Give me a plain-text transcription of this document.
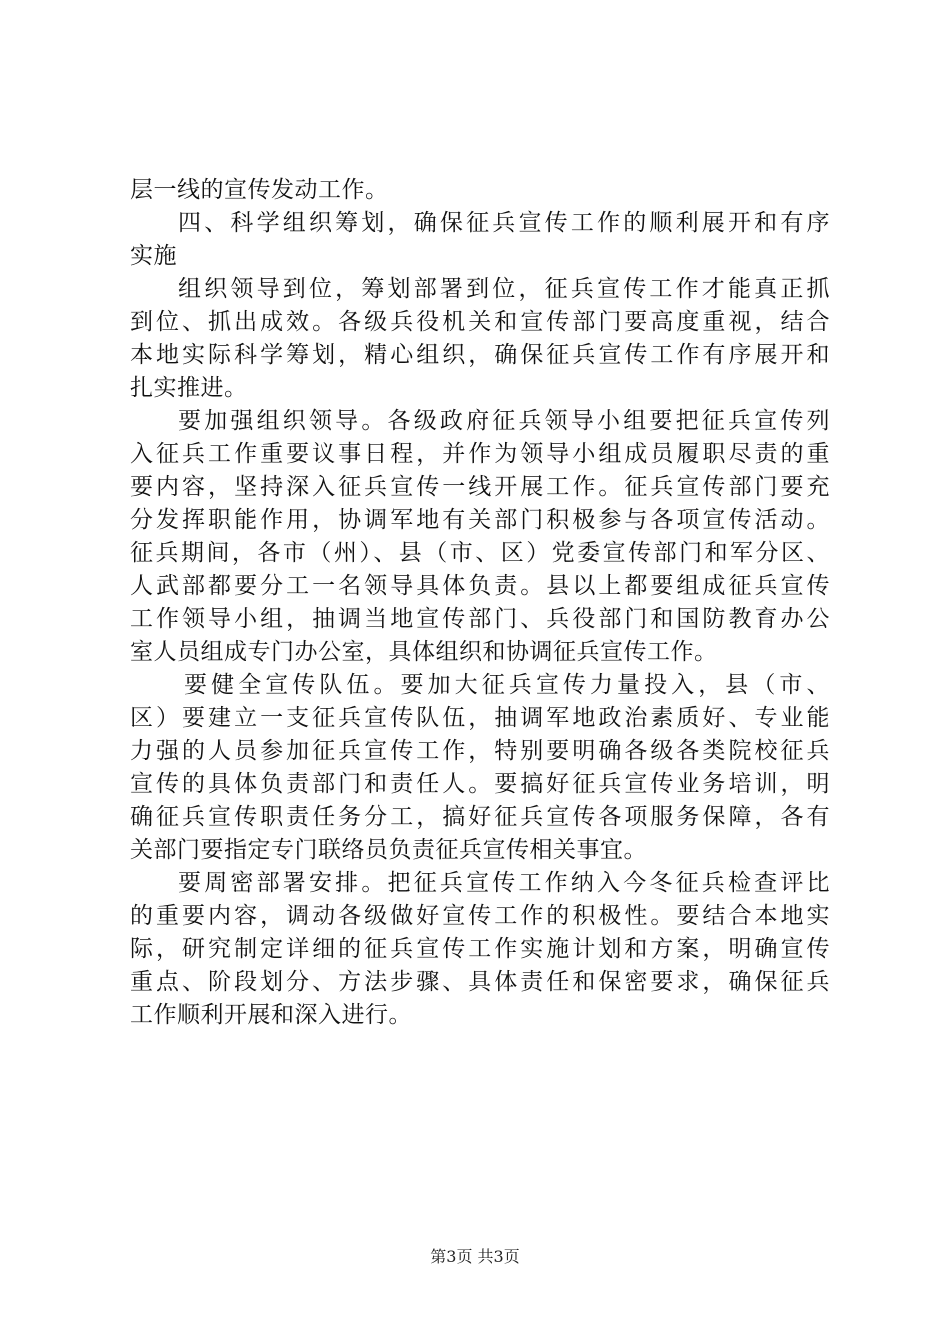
层一线的宣传发动工作。
四、科学组织筹划，确保征兵宣传工作的顺利展开和有序
实施
组织领导到位，筹划部署到位，征兵宣传工作才能真正抓
到位、抓出成效。各级兵役机关和宣传部门要高度重视，结合
本地实际科学筹划，精心组织，确保征兵宣传工作有序展开和
扎实推进。
要加强组织领导。各级政府征兵领导小组要把征兵宣传列
入征兵工作重要议事日程，并作为领导小组成员履职尽责的重
要内容，坚持深入征兵宣传一线开展工作。征兵宣传部门要充
分发挥职能作用，协调军地有关部门积极参与各项宣传活动。
征兵期间，各市（州）、县（市、区）党委宣传部门和军分区、
人武部都要分工一名领导具体负责。县以上都要组成征兵宣传
工作领导小组，抽调当地宣传部门、兵役部门和国防教育办公
室人员组成专门办公室，具体组织和协调征兵宣传工作。
要健全宣传队伍。要加大征兵宣传力量投入，县（市、
区）要建立一支征兵宣传队伍，抽调军地政治素质好、专业能
力强的人员参加征兵宣传工作，特别要明确各级各类院校征兵
宣传的具体负责部门和责任人。要搞好征兵宣传业务培训，明
确征兵宣传职责任务分工，搞好征兵宣传各项服务保障，各有
关部门要指定专门联络员负责征兵宣传相关事宜。
要周密部署安排。把征兵宣传工作纳入今冬征兵检查评比
的重要内容，调动各级做好宣传工作的积极性。要结合本地实
际，研究制定详细的征兵宣传工作实施计划和方案，明确宣传
重点、阶段划分、方法步骤、具体责任和保密要求，确保征兵
工作顺利开展和深入进行。
第3页 共3页
